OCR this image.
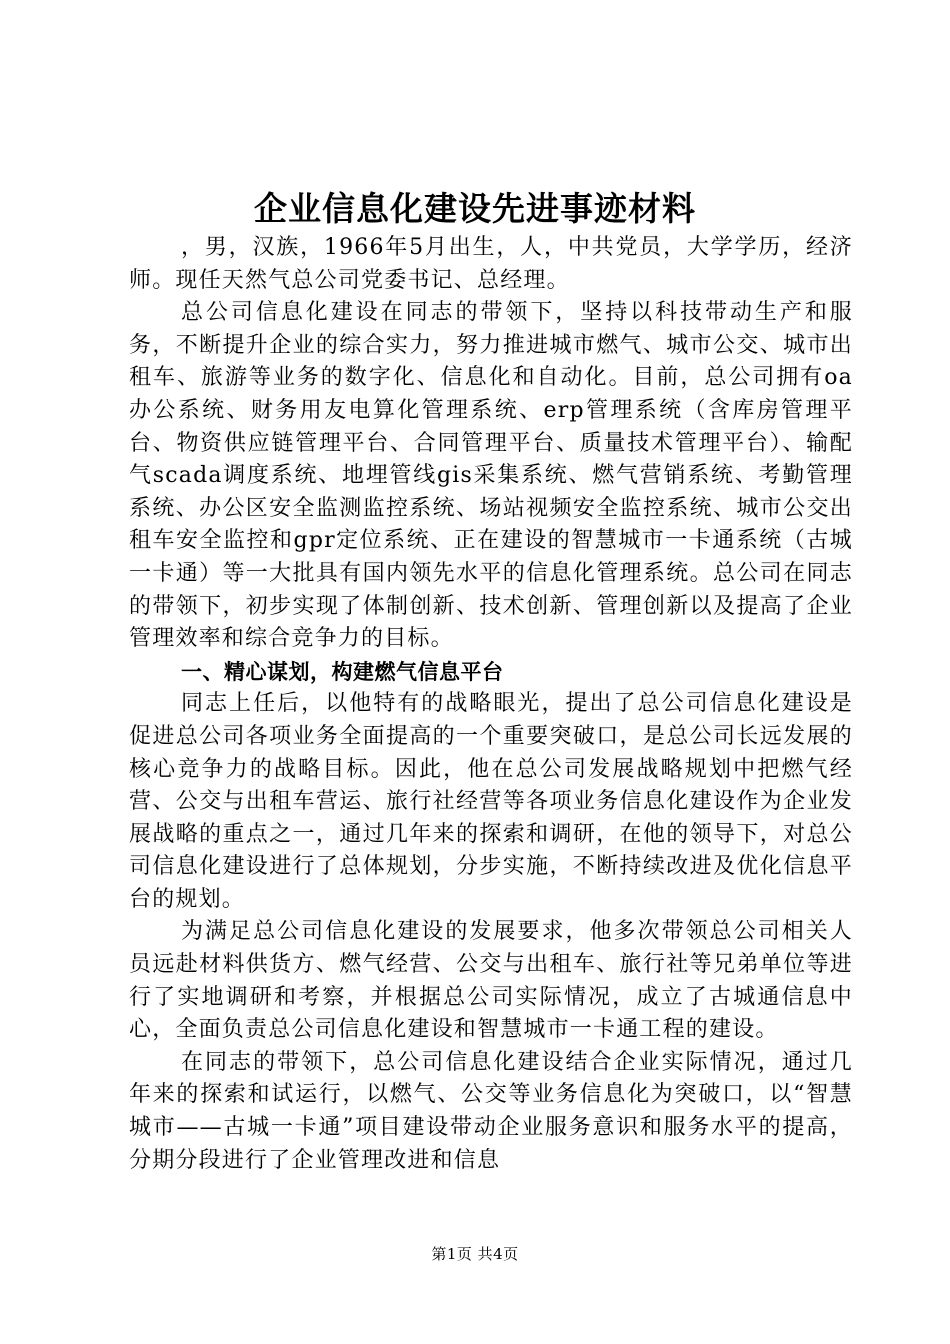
企业信息化建设先进事迹材料

，男，汉族，1966年5月出生，人，中共党员，大学学历，经济师。现任天然气总公司党委书记、总经理。

总公司信息化建设在同志的带领下，坚持以科技带动生产和服务，不断提升企业的综合实力，努力推进城市燃气、城市公交、城市出租车、旅游等业务的数字化、信息化和自动化。目前，总公司拥有oa办公系统、财务用友电算化管理系统、erp管理系统（含库房管理平台、物资供应链管理平台、合同管理平台、质量技术管理平台）、输配气scada调度系统、地埋管线gis采集系统、燃气营销系统、考勤管理系统、办公区安全监测监控系统、场站视频安全监控系统、城市公交出租车安全监控和gpr定位系统、正在建设的智慧城市一卡通系统（古城一卡通）等一大批具有国内领先水平的信息化管理系统。总公司在同志的带领下，初步实现了体制创新、技术创新、管理创新以及提高了企业管理效率和综合竞争力的目标。

一、精心谋划，构建燃气信息平台

同志上任后，以他特有的战略眼光，提出了总公司信息化建设是促进总公司各项业务全面提高的一个重要突破口，是总公司长远发展的核心竞争力的战略目标。因此，他在总公司发展战略规划中把燃气经营、公交与出租车营运、旅行社经营等各项业务信息化建设作为企业发展战略的重点之一，通过几年来的探索和调研，在他的领导下，对总公司信息化建设进行了总体规划，分步实施，不断持续改进及优化信息平台的规划。

为满足总公司信息化建设的发展要求，他多次带领总公司相关人员远赴材料供货方、燃气经营、公交与出租车、旅行社等兄弟单位等进行了实地调研和考察，并根据总公司实际情况，成立了古城通信息中心，全面负责总公司信息化建设和智慧城市一卡通工程的建设。

在同志的带领下，总公司信息化建设结合企业实际情况，通过几年来的探索和试运行，以燃气、公交等业务信息化为突破口，以“智慧城市——古城一卡通”项目建设带动企业服务意识和服务水平的提高，分期分段进行了企业管理改进和信息

第1页 共4页
